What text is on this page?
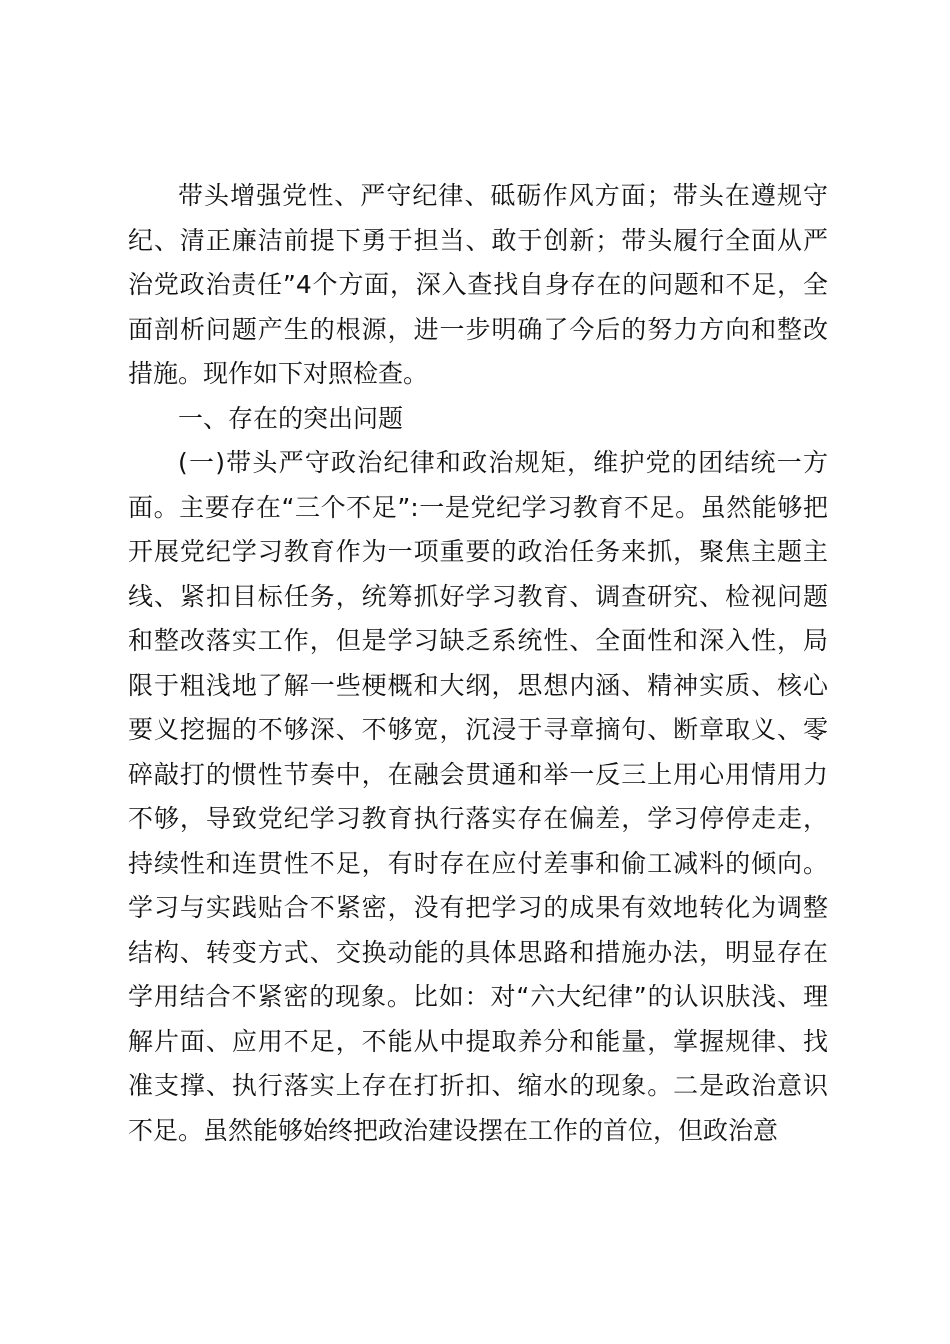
带头增强党性、严守纪律、砥砺作风方面；带头在遵规守
纪、清正廉洁前提下勇于担当、敢于创新；带头履行全面从严
治党政治责任”4个方面，深入查找自身存在的问题和不足，全
面剖析问题产生的根源，进一步明确了今后的努力方向和整改
措施。现作如下对照检查。
一、存在的突出问题
(一)带头严守政治纪律和政治规矩，维护党的团结统一方
面。主要存在“三个不足”:一是党纪学习教育不足。虽然能够把
开展党纪学习教育作为一项重要的政治任务来抓，聚焦主题主
线、紧扣目标任务，统筹抓好学习教育、调查研究、检视问题
和整改落实工作，但是学习缺乏系统性、全面性和深入性，局
限于粗浅地了解一些梗概和大纲，思想内涵、精神实质、核心
要义挖掘的不够深、不够宽，沉浸于寻章摘句、断章取义、零
碎敲打的惯性节奏中，在融会贯通和举一反三上用心用情用力
不够，导致党纪学习教育执行落实存在偏差，学习停停走走，
持续性和连贯性不足，有时存在应付差事和偷工减料的倾向。
学习与实践贴合不紧密，没有把学习的成果有效地转化为调整
结构、转变方式、交换动能的具体思路和措施办法，明显存在
学用结合不紧密的现象。比如：对“六大纪律”的认识肤浅、理
解片面、应用不足，不能从中提取养分和能量，掌握规律、找
准支撑、执行落实上存在打折扣、缩水的现象。二是政治意识
不足。虽然能够始终把政治建设摆在工作的首位，但政治意
